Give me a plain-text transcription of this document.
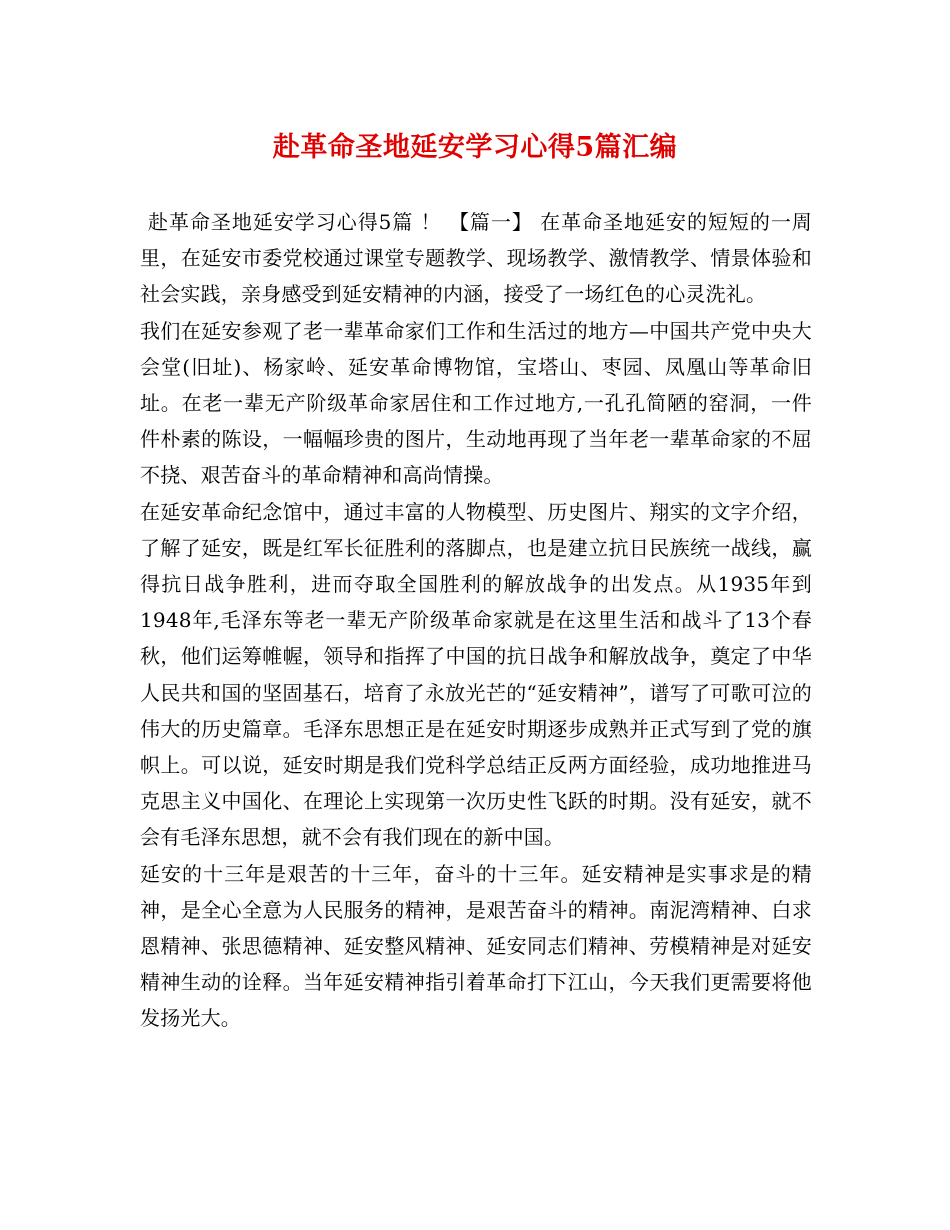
赴革命圣地延安学习心得5篇汇编

赴革命圣地延安学习心得5篇 ！ 【篇一】 在革命圣地延安的短短的一周里，在延安市委党校通过课堂专题教学、现场教学、激情教学、情景体验和社会实践，亲身感受到延安精神的内涵，接受了一场红色的心灵洗礼。

我们在延安参观了老一辈革命家们工作和生活过的地方—中国共产党中央大会堂(旧址)、杨家岭、延安革命博物馆，宝塔山、枣园、凤凰山等革命旧址。在老一辈无产阶级革命家居住和工作过地方,一孔孔简陋的窑洞，一件件朴素的陈设，一幅幅珍贵的图片，生动地再现了当年老一辈革命家的不屈不挠、艰苦奋斗的革命精神和高尚情操。

在延安革命纪念馆中，通过丰富的人物模型、历史图片、翔实的文字介绍，了解了延安，既是红军长征胜利的落脚点，也是建立抗日民族统一战线，赢得抗日战争胜利，进而夺取全国胜利的解放战争的出发点。从1935年到1948年,毛泽东等老一辈无产阶级革命家就是在这里生活和战斗了13个春秋，他们运筹帷幄，领导和指挥了中国的抗日战争和解放战争，奠定了中华人民共和国的坚固基石，培育了永放光芒的“延安精神”，谱写了可歌可泣的伟大的历史篇章。毛泽东思想正是在延安时期逐步成熟并正式写到了党的旗帜上。可以说，延安时期是我们党科学总结正反两方面经验，成功地推进马克思主义中国化、在理论上实现第一次历史性飞跃的时期。没有延安，就不会有毛泽东思想，就不会有我们现在的新中国。

延安的十三年是艰苦的十三年，奋斗的十三年。延安精神是实事求是的精神，是全心全意为人民服务的精神，是艰苦奋斗的精神。南泥湾精神、白求恩精神、张思德精神、延安整风精神、延安同志们精神、劳模精神是对延安精神生动的诠释。当年延安精神指引着革命打下江山，今天我们更需要将他发扬光大。
